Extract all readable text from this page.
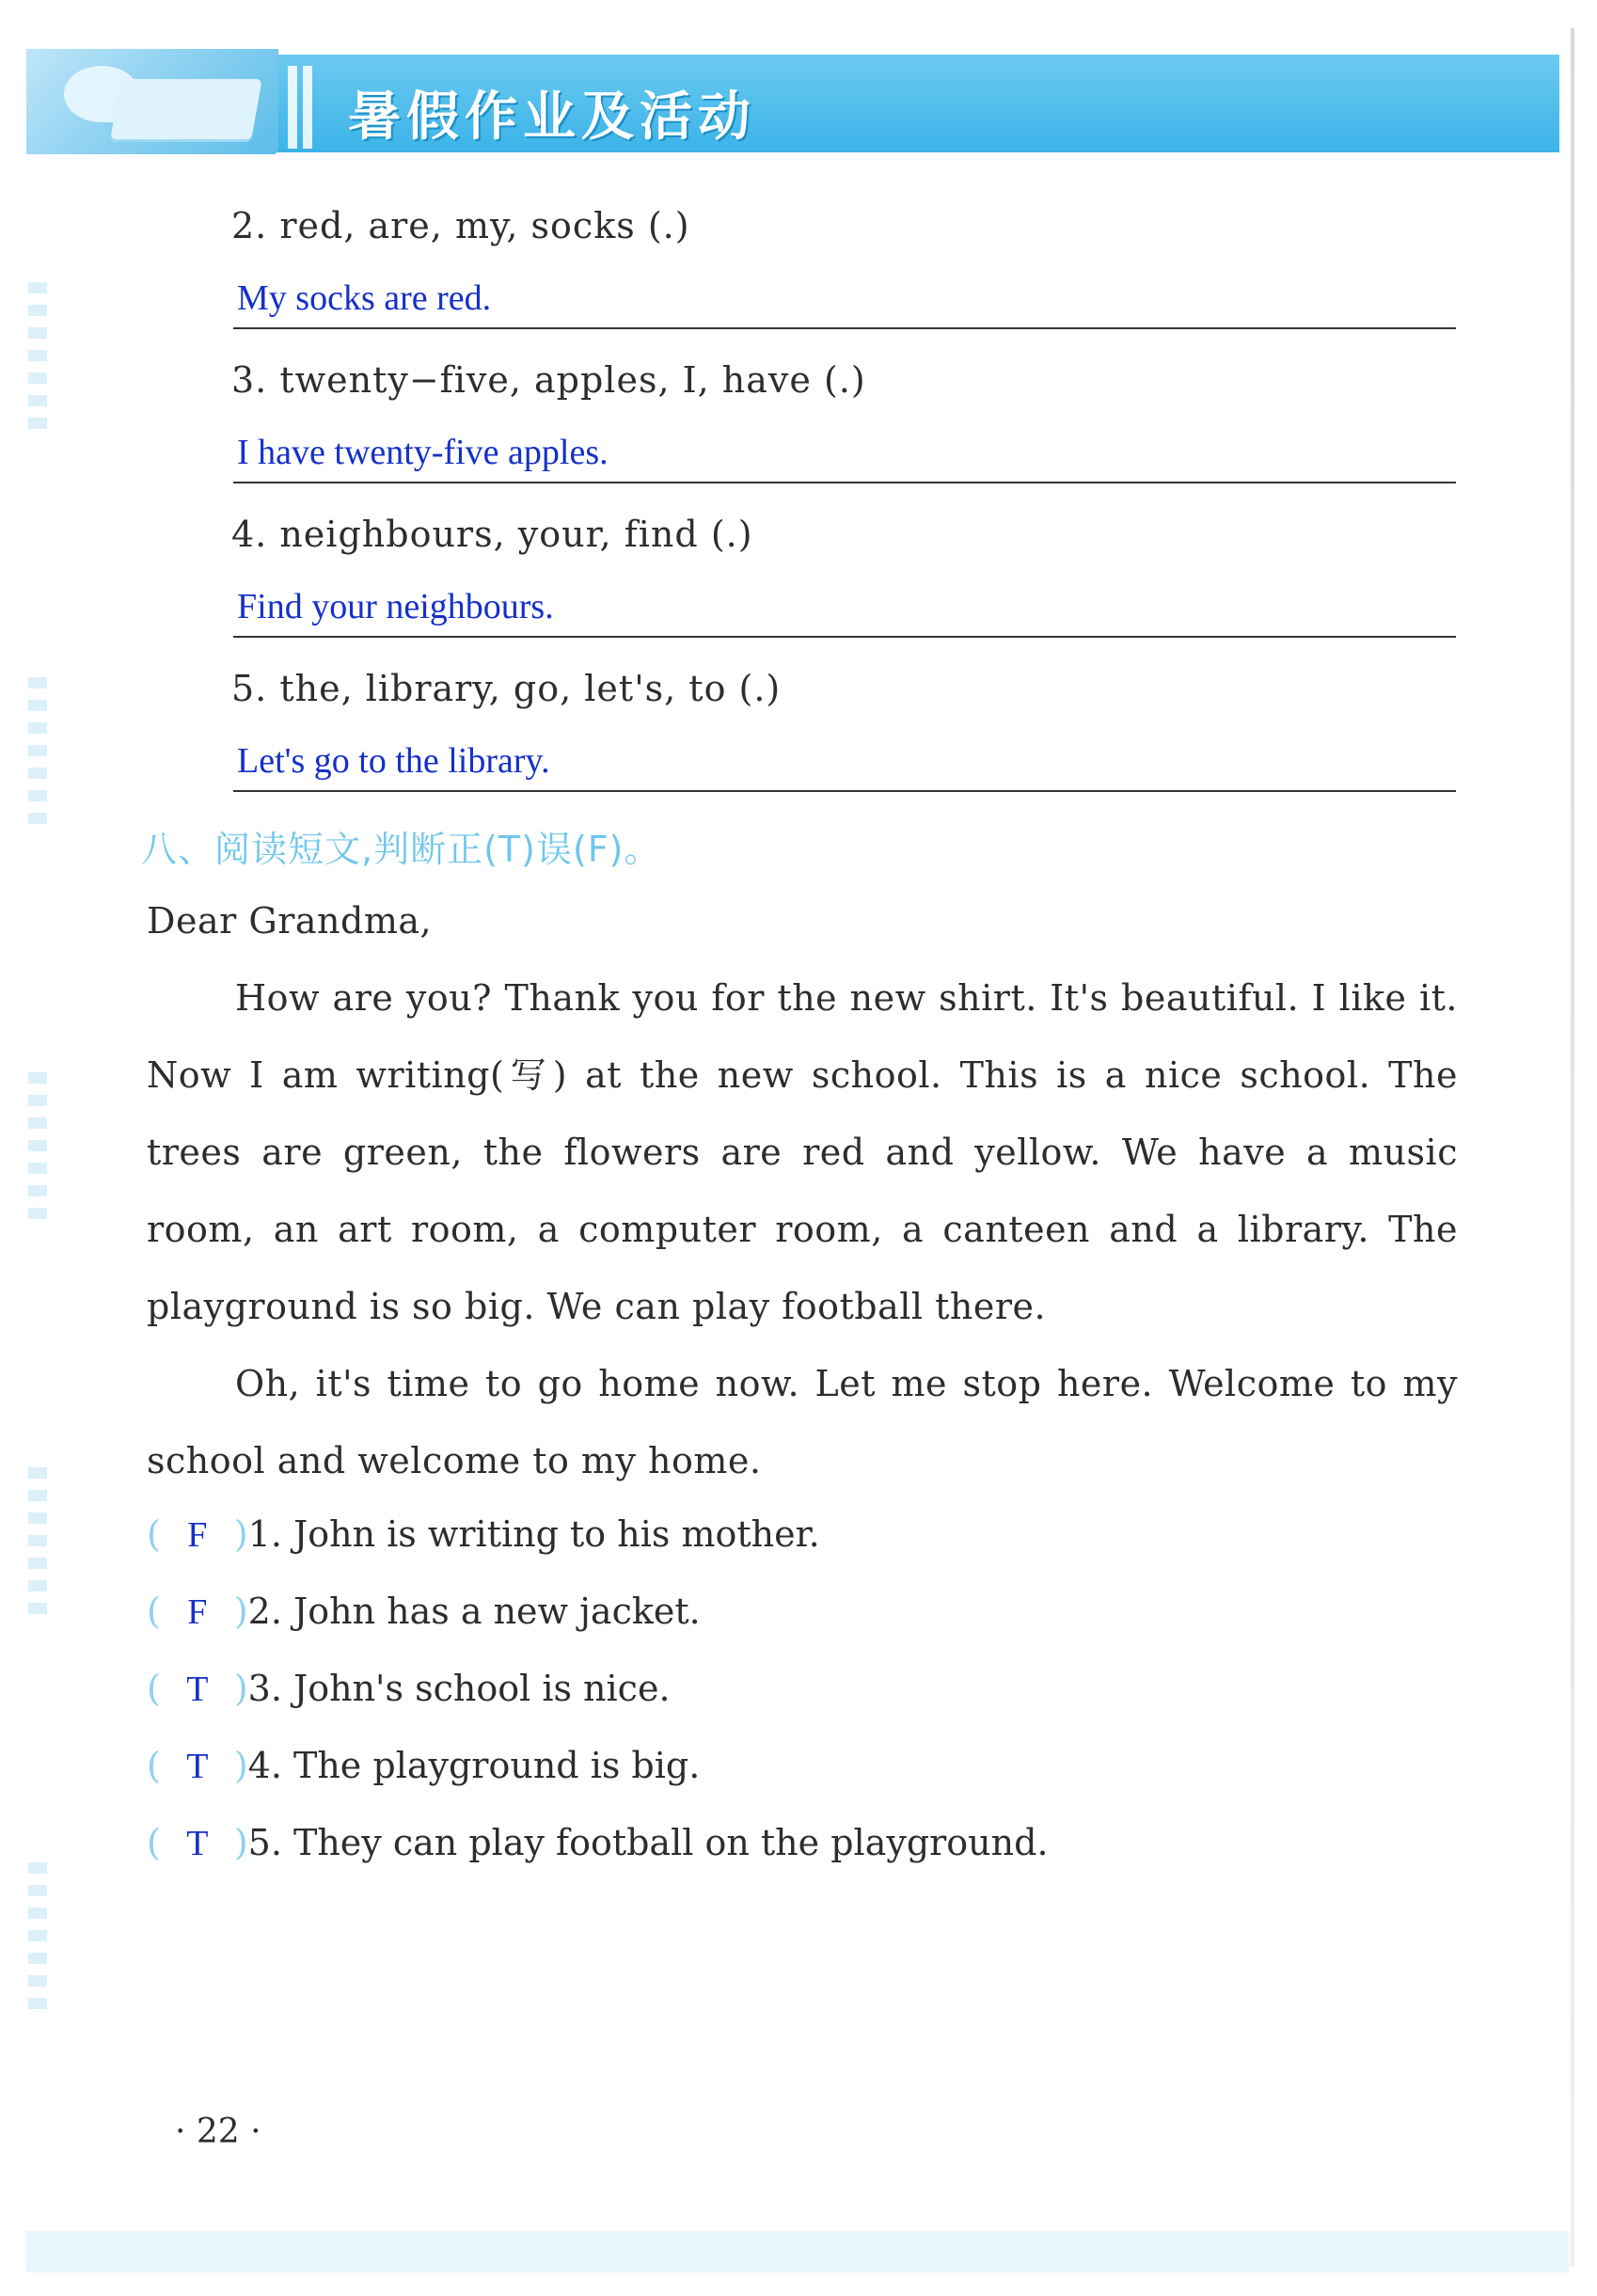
暑假作业及活动
2. red, are, my, socks (.)
My socks are red.
3. twenty−five, apples, I, have (.)
I have twenty-five apples.
4. neighbours, your, find (.)
Find your neighbours.
5. the, library, go, let's, to (.)
Let's go to the library.
八、阅读短文,判断正(T)误(F)。

Dear Grandma,

How are you? Thank you for the new shirt. It's beautiful. I like it. Now I am writing(写) at the new school. This is a nice school. The trees are green, the flowers are red and yellow. We have a music room, an art room, a computer room, a canteen and a library. The playground is so big. We can play football there.

Oh, it's time to go home now. Let me stop here. Welcome to my school and welcome to my home.

( F )1. John is writing to his mother.
( F )2. John has a new jacket.
( T )3. John's school is nice.
( T )4. The playground is big.
( T )5. They can play football on the playground.
· 22 ·
